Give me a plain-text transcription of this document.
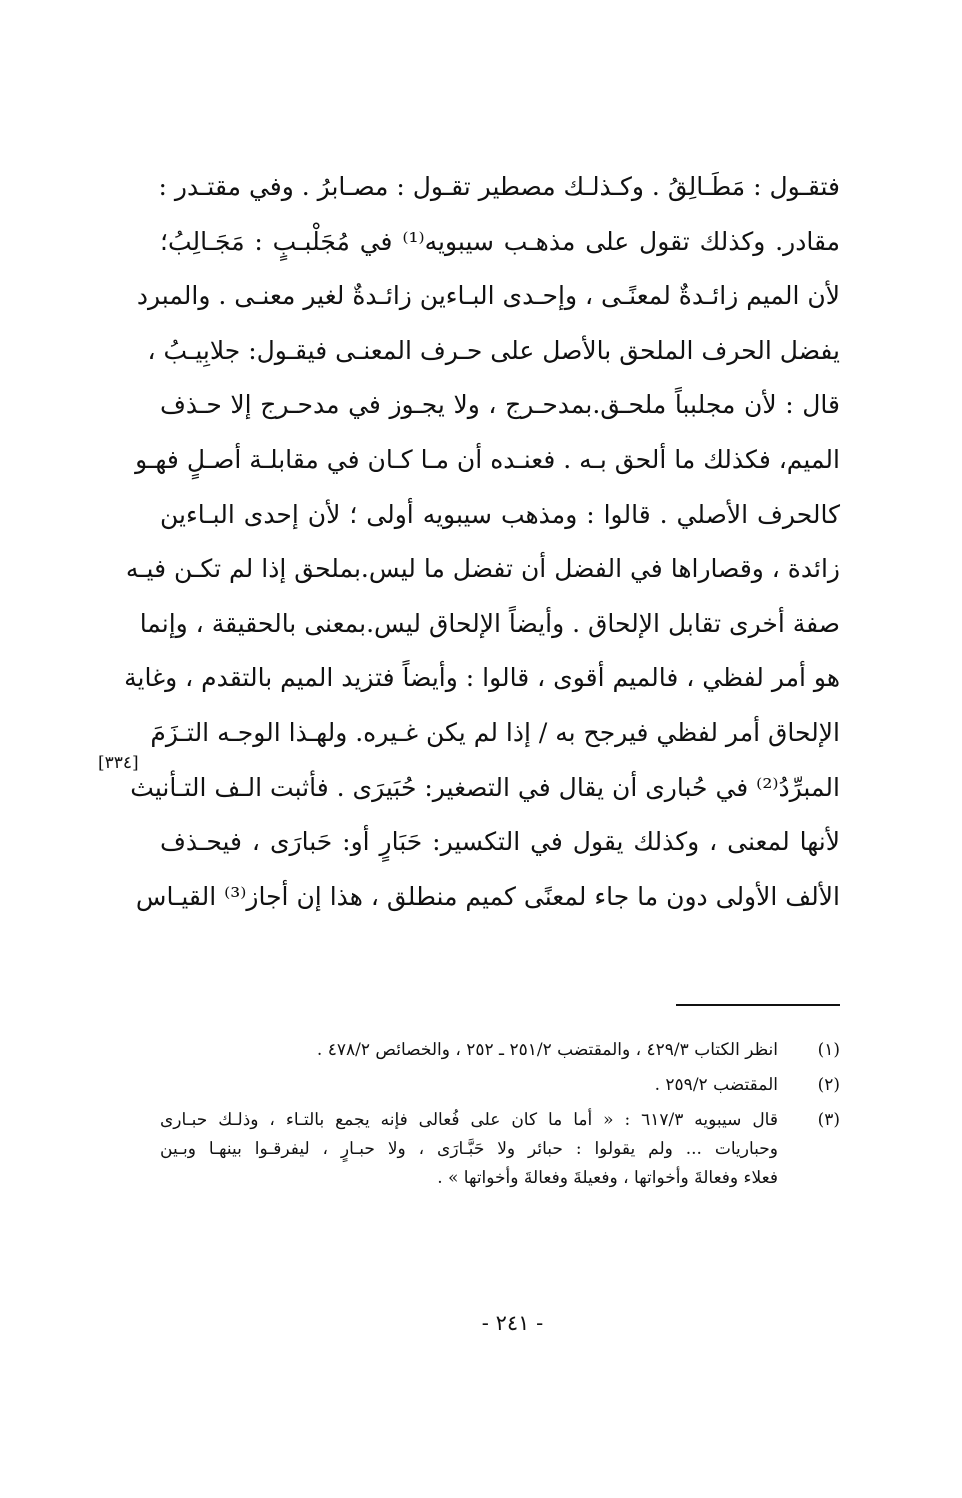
فتقـول : مَطَـالِقُ . وكـذلـك مصطير تقـول : مصـابرُ . وفي مقتـدر :
مقادر. وكذلك تقول على مذهـب سيبويه⁽¹⁾ في مُجَلْبـبٍ : مَجَـالِبُ؛
لأن الميم زائـدةٌ لمعنًـى ، وإحـدى البـاءين زائـدةٌ لغير معنـى . والمبرد
يفضل الحرف الملحق بالأصل على حـرف المعنـى فيقـول: جلابِيـبُ ،
قال : لأن مجلبباً ملحـق.بمدحـرج ، ولا يجـوز في مدحـرج إلا حـذف
الميم، فكذلك ما ألحق بـه . فعنـده أن مـا كـان في مقابلـة أصـلٍ فهـو
كالحرف الأصلي . قالوا : ومذهب سيبويه أولى ؛ لأن إحدى البـاءين
زائدة ، وقصاراها في الفضل أن تفضل ما ليس.بملحق إذا لم تكـن فيـه
صفة أخرى تقابل الإلحاق . وأيضاً الإلحاق ليس.بمعنى بالحقيقة ، وإنما
هو أمر لفظي ، فالميم أقوى ، قالوا : وأيضاً فتزيد الميم بالتقدم ، وغاية
الإلحاق أمر لفظي فيرجح به / إذا لم يكن غـيره. ولهـذا الوجـه التـزَمَ
المبرِّدُ⁽²⁾ في حُبارى أن يقال في التصغير: حُبَيرَى . فأثبت الـف التـأنيث
لأنها لمعنى ، وكذلك يقول في التكسير: حَبَارٍ أو: حَبارَى ، فيحـذف
الألف الأولى دون ما جاء لمعنًى كميم منطلق ، هذا إن أجاز⁽³⁾ القيـاس
[٣٣٤]
(١)
انظر الكتاب ٤٢٩/٣ ، والمقتضب ٢٥١/٢ ـ ٢٥٢ ، والخصائص ٤٧٨/٢ .
(٢)
المقتضب ٢٥٩/٢ .
(٣)
قال سيبويه ٦١٧/٣ : « أما ما كان على فُعالى فإنه يجمع بالتـاء ، وذلـك حبـارى
وحباريات ... ولم يقولوا : حبائر ولا حَبَّـارَى ، ولا حبـارٍ ، ليفرقـوا بينهـا وبـين
فعلاء وفعالةَ وأخواتها ، وفعيلةَ وفعالةَ وأخواتها » .
- ٢٤١ -
